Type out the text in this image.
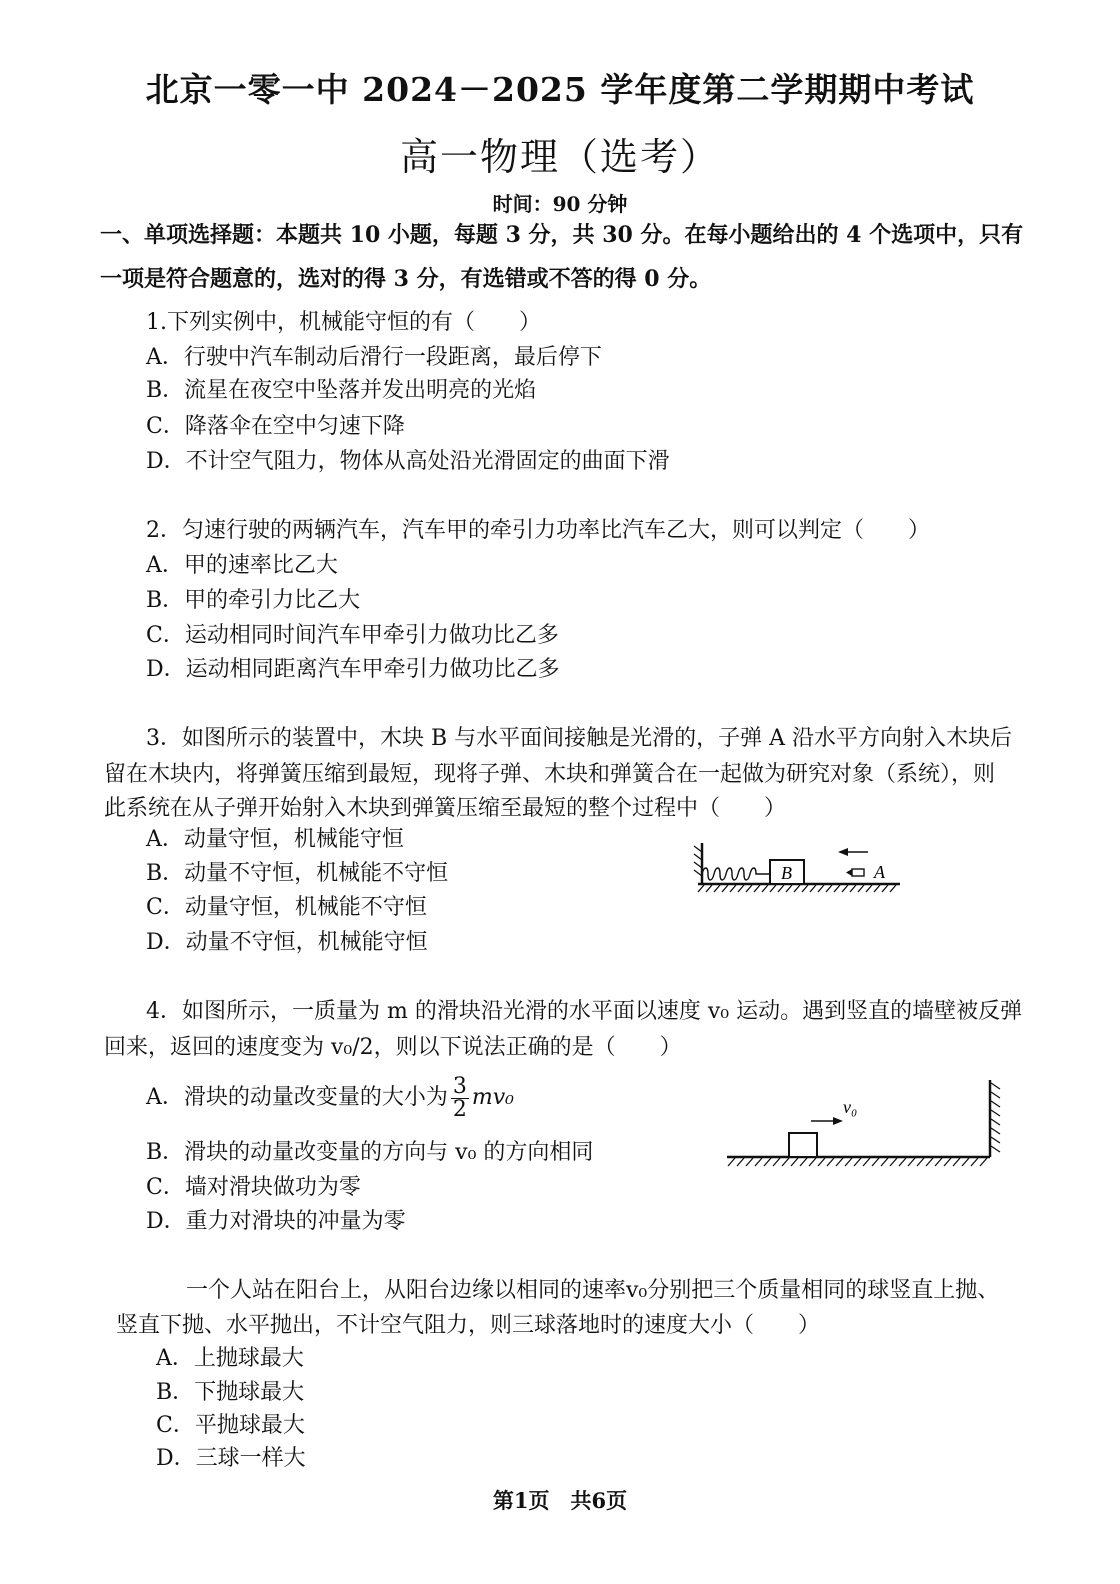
北京一零一中 2024－2025 学年度第二学期期中考试
高一物理（选考）
时间：90 分钟
一、单项选择题：本题共 10 小题，每题 3 分，共 30 分。在每小题给出的 4 个选项中，只有
一项是符合题意的，选对的得 3 分，有选错或不答的得 0 分。
1.下列实例中，机械能守恒的有（　　）
A．行驶中汽车制动后滑行一段距离，最后停下
B．流星在夜空中坠落并发出明亮的光焰
C．降落伞在空中匀速下降
D．不计空气阻力，物体从高处沿光滑固定的曲面下滑
2．匀速行驶的两辆汽车，汽车甲的牵引力功率比汽车乙大，则可以判定（　　）
A．甲的速率比乙大
B．甲的牵引力比乙大
C．运动相同时间汽车甲牵引力做功比乙多
D．运动相同距离汽车甲牵引力做功比乙多
3．如图所示的装置中，木块 B 与水平面间接触是光滑的，子弹 A 沿水平方向射入木块后
留在木块内，将弹簧压缩到最短，现将子弹、木块和弹簧合在一起做为研究对象（系统），则
此系统在从子弹开始射入木块到弹簧压缩至最短的整个过程中（　　）
A．动量守恒，机械能守恒
B．动量不守恒，机械能不守恒
C．动量守恒，机械能不守恒
D．动量不守恒，机械能守恒
B	A
4．如图所示，一质量为 m 的滑块沿光滑的水平面以速度 v₀ 运动。遇到竖直的墙壁被反弹
回来，返回的速度变为 v₀/2，则以下说法正确的是（　　）
A．滑块的动量改变量的大小为 $\frac{3}{2} mv_0$
B．滑块的动量改变量的方向与 v₀ 的方向相同
C．墙对滑块做功为零
D．重力对滑块的冲量为零
v₀
一个人站在阳台上，从阳台边缘以相同的速率v₀分别把三个质量相同的球竖直上抛、
竖直下抛、水平抛出，不计空气阻力，则三球落地时的速度大小（　　）
A．上抛球最大
B．下抛球最大
C．平抛球最大
D．三球一样大
第1页　共6页
